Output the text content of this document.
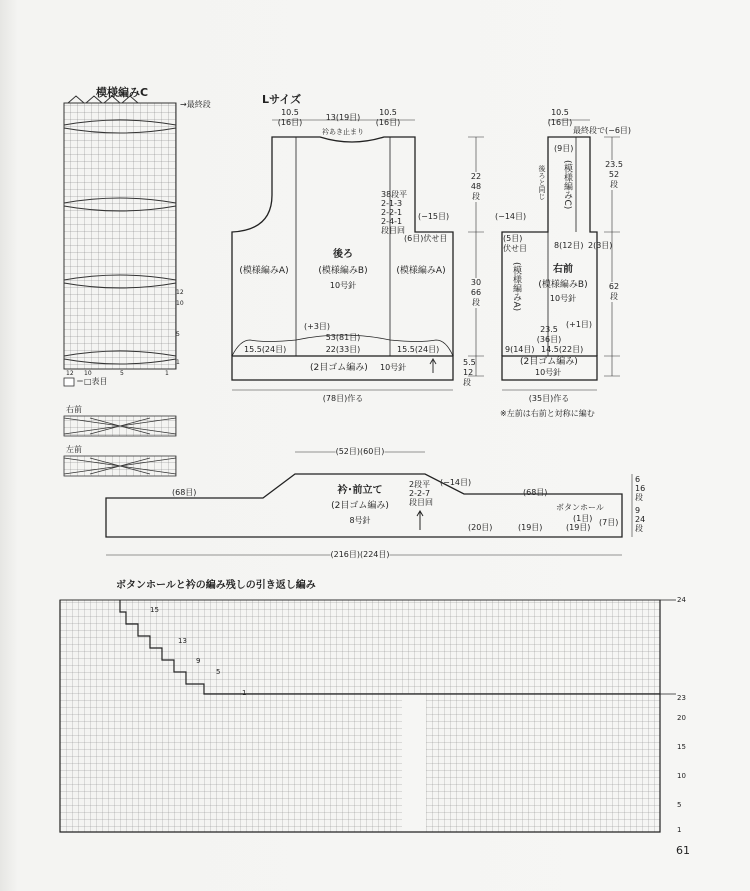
模様編みC
→最終段
12
10
5
1
12 10	5	1
＝□表目
右前
左前
Lサイズ
10.5
(16目)
13(19目)
10.5
(16目)
衿あき止まり
38段平
2-1-3
2-2-1
2-4-1
段目回
(−15目)
(6目)伏せ目
後ろ
(模様編みB)
10号針
(模様編みA)	(模様編みA)
(+3目)
53(81目)
22(33目)
15.5(24目)	15.5(24目)
(2目ゴム編み) 10号針
(78目)作る
22
48
段
30
66
段
5.5
12
段
10.5
(16目)
最終段で(−6目)
(9目)
後ろと同じ (模様編みC)
(−14目)
(5目)
伏せ目
(模様編みA)
8(12目) 2(3目)
右前
(模様編みB)
10号針
(+1目)
23.5
(36目)
9(14目) 14.5(22目)
(2目ゴム編み)
10号針
(35目)作る
※左前は右前と対称に編む
23.5
52
段
62
段
(52目)(60目)
(68目)	(68目)
衿･前立て
(2目ゴム編み)
8号針
2段平
2-2-7
段目回
(−14目)
ボタンホール
(1目) (7目)
(20目)	(19目)	(19目)
(216目)(224目)
6
16
段
9
24
段
ボタンホールと衿の編み残しの引き返し編み
15
13
9
5
1
24
23
20
15
10
5
1
61
